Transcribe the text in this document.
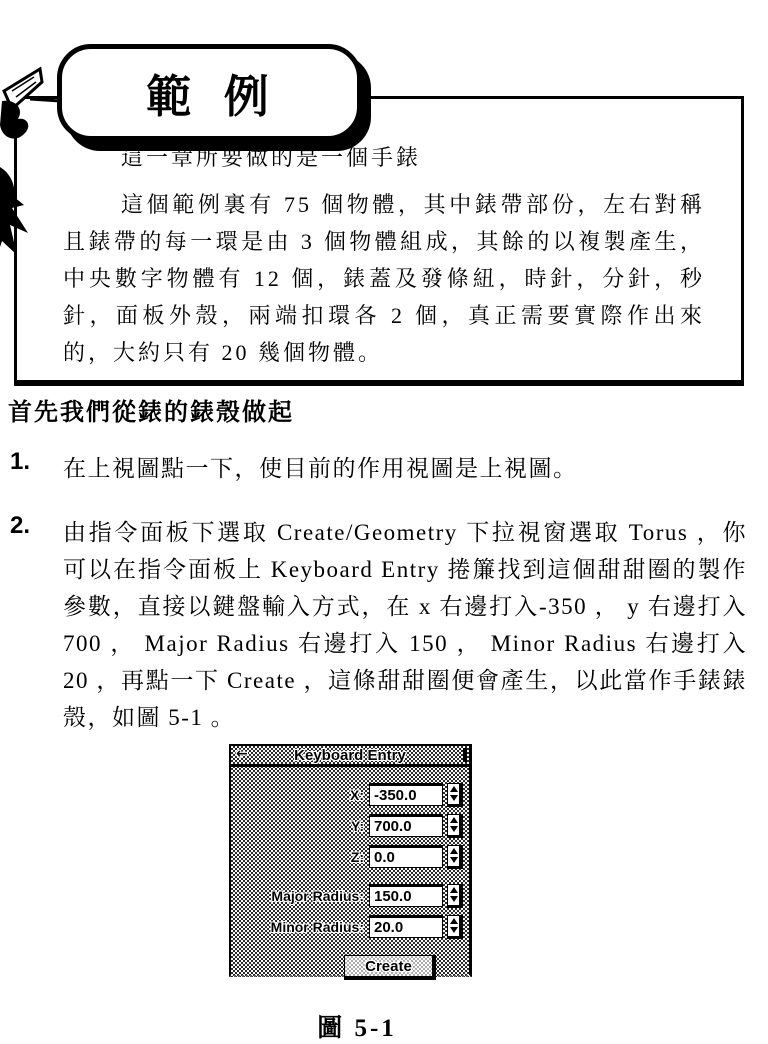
範 例

這一章所要做的是一個手錶

這個範例裏有 75 個物體，其中錶帶部份，左右對稱且錶帶的每一環是由 3 個物體組成，其餘的以複製產生，中央數字物體有 12 個，錶蓋及發條紐，時針，分針，秒針，面板外殼，兩端扣環各 2 個，真正需要實際作出來的，大約只有 20 幾個物體。

首先我們從錶的錶殼做起
1. 在上視圖點一下，使目前的作用視圖是上視圖。
2. 由指令面板下選取 Create/Geometry 下拉視窗選取 Torus ，你可以在指令面板上 Keyboard Entry 捲簾找到這個甜甜圈的製作參數，直接以鍵盤輸入方式，在 x 右邊打入-350 ， y 右邊打入 700 ， Major Radius 右邊打入 150 ， Minor Radius 右邊打入 20 ，再點一下 Create ，這條甜甜圈便會產生，以此當作手錶錶殼，如圖 5-1 。
←	Keyboard Entry
X: -350.0
Y: 700.0
Z: 0.0
Major Radius: 150.0
Minor Radius: 20.0
Create
圖 5-1
